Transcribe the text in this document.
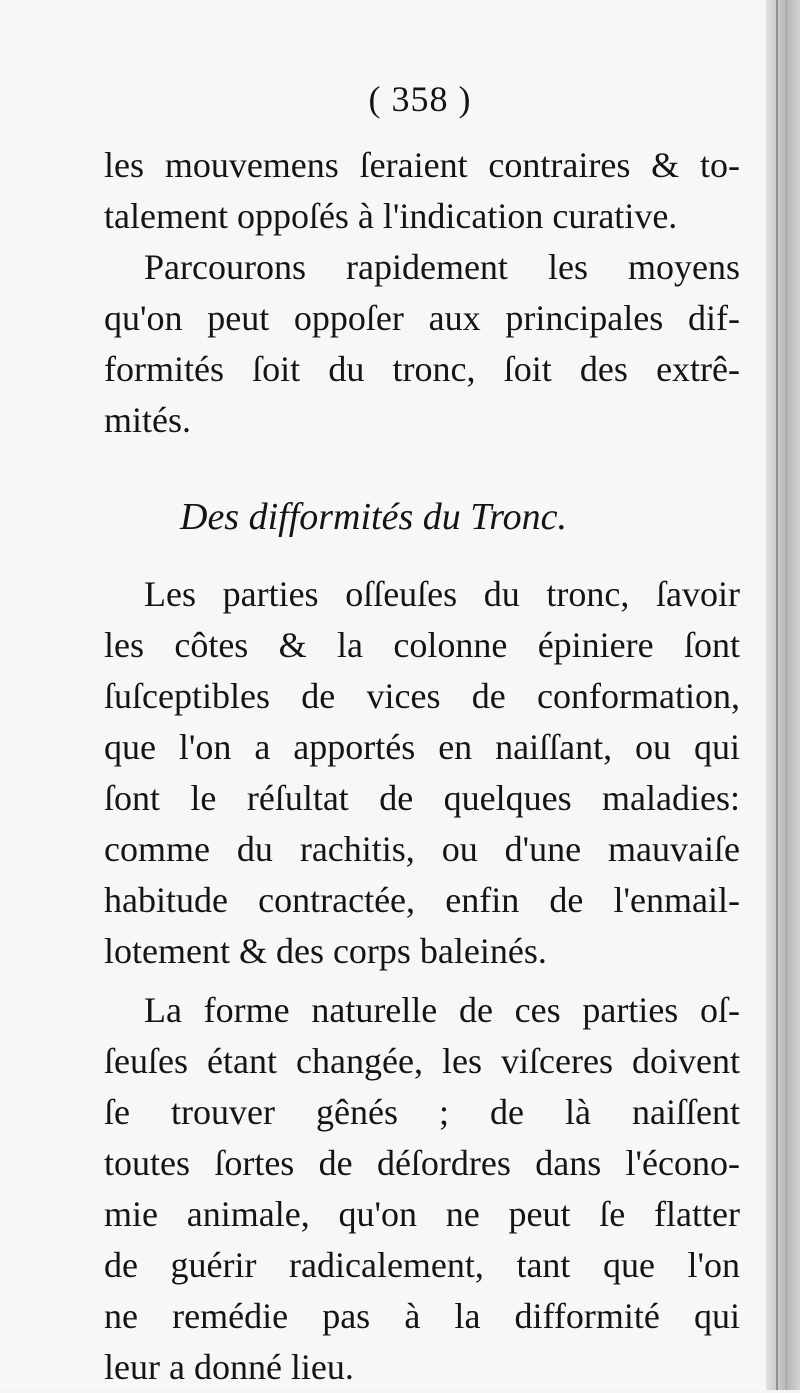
( 358 )
les mouvemens ſeraient contraires & to-
talement oppoſés à l'indication curative.
Parcourons rapidement les moyens
qu'on peut oppoſer aux principales dif-
formités ſoit du tronc, ſoit des extrê-
mités.
Des difformités du Tronc.
Les parties oſſeuſes du tronc, ſavoir
les côtes & la colonne épiniere ſont
ſuſceptibles de vices de conformation,
que l'on a apportés en naiſſant, ou qui
ſont le réſultat de quelques maladies:
comme du rachitis, ou d'une mauvaiſe
habitude contractée, enfin de l'enmail-
lotement & des corps baleinés.
La forme naturelle de ces parties oſ-
ſeuſes étant changée, les viſceres doivent
ſe trouver gênés ; de là naiſſent
toutes ſortes de déſordres dans l'écono-
mie animale, qu'on ne peut ſe flatter
de guérir radicalement, tant que l'on
ne remédie pas à la difformité qui
leur a donné lieu.
